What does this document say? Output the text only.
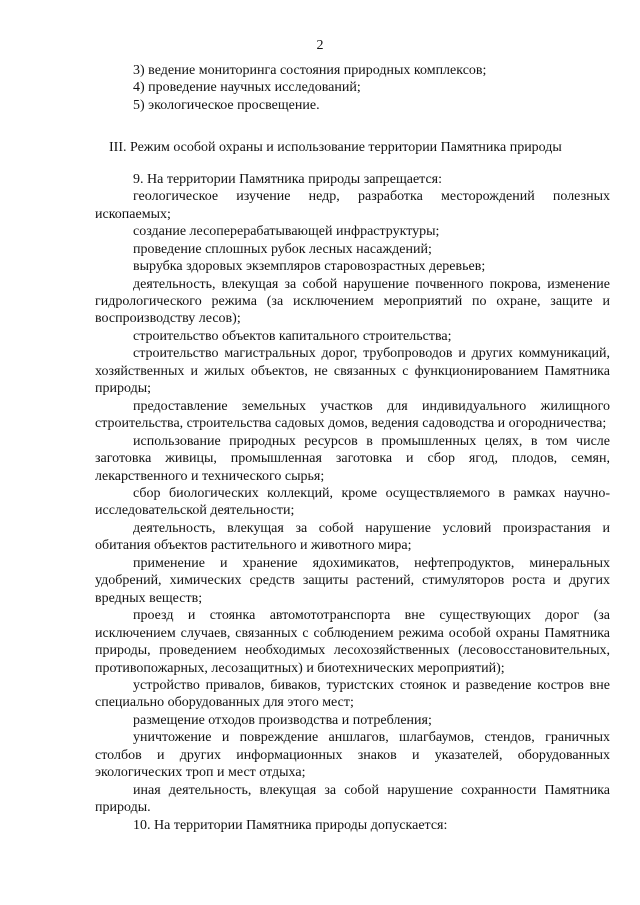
2

3) ведение мониторинга состояния природных комплексов;

4) проведение научных исследований;

5) экологическое просвещение.

III. Режим особой охраны и использование территории Памятника природы

9. На территории Памятника природы запрещается:

геологическое изучение недр, разработка месторождений полезных ископаемых;

создание лесоперерабатывающей инфраструктуры;

проведение сплошных рубок лесных насаждений;

вырубка здоровых экземпляров старовозрастных деревьев;

деятельность, влекущая за собой нарушение почвенного покрова, изменение гидрологического режима (за исключением мероприятий по охране, защите и воспроизводству лесов);

строительство объектов капитального строительства;

строительство магистральных дорог, трубопроводов и других коммуникаций, хозяйственных и жилых объектов, не связанных с функционированием Памятника природы;

предоставление земельных участков для индивидуального жилищного строительства, строительства садовых домов, ведения садоводства и огородничества;

использование природных ресурсов в промышленных целях, в том числе заготовка живицы, промышленная заготовка и сбор ягод, плодов, семян, лекарственного и технического сырья;

сбор биологических коллекций, кроме осуществляемого в рамках научно-исследовательской деятельности;

деятельность, влекущая за собой нарушение условий произрастания и обитания объектов растительного и животного мира;

применение и хранение ядохимикатов, нефтепродуктов, минеральных удобрений, химических средств защиты растений, стимуляторов роста и других вредных веществ;

проезд и стоянка автомототранспорта вне существующих дорог (за исключением случаев, связанных с соблюдением режима особой охраны Памятника природы, проведением необходимых лесохозяйственных (лесовосстановительных, противопожарных, лесозащитных) и биотехнических мероприятий);

устройство привалов, биваков, туристских стоянок и разведение костров вне специально оборудованных для этого мест;

размещение отходов производства и потребления;

уничтожение и повреждение аншлагов, шлагбаумов, стендов, граничных столбов и других информационных знаков и указателей, оборудованных экологических троп и мест отдыха;

иная деятельность, влекущая за собой нарушение сохранности Памятника природы.

10. На территории Памятника природы допускается:
